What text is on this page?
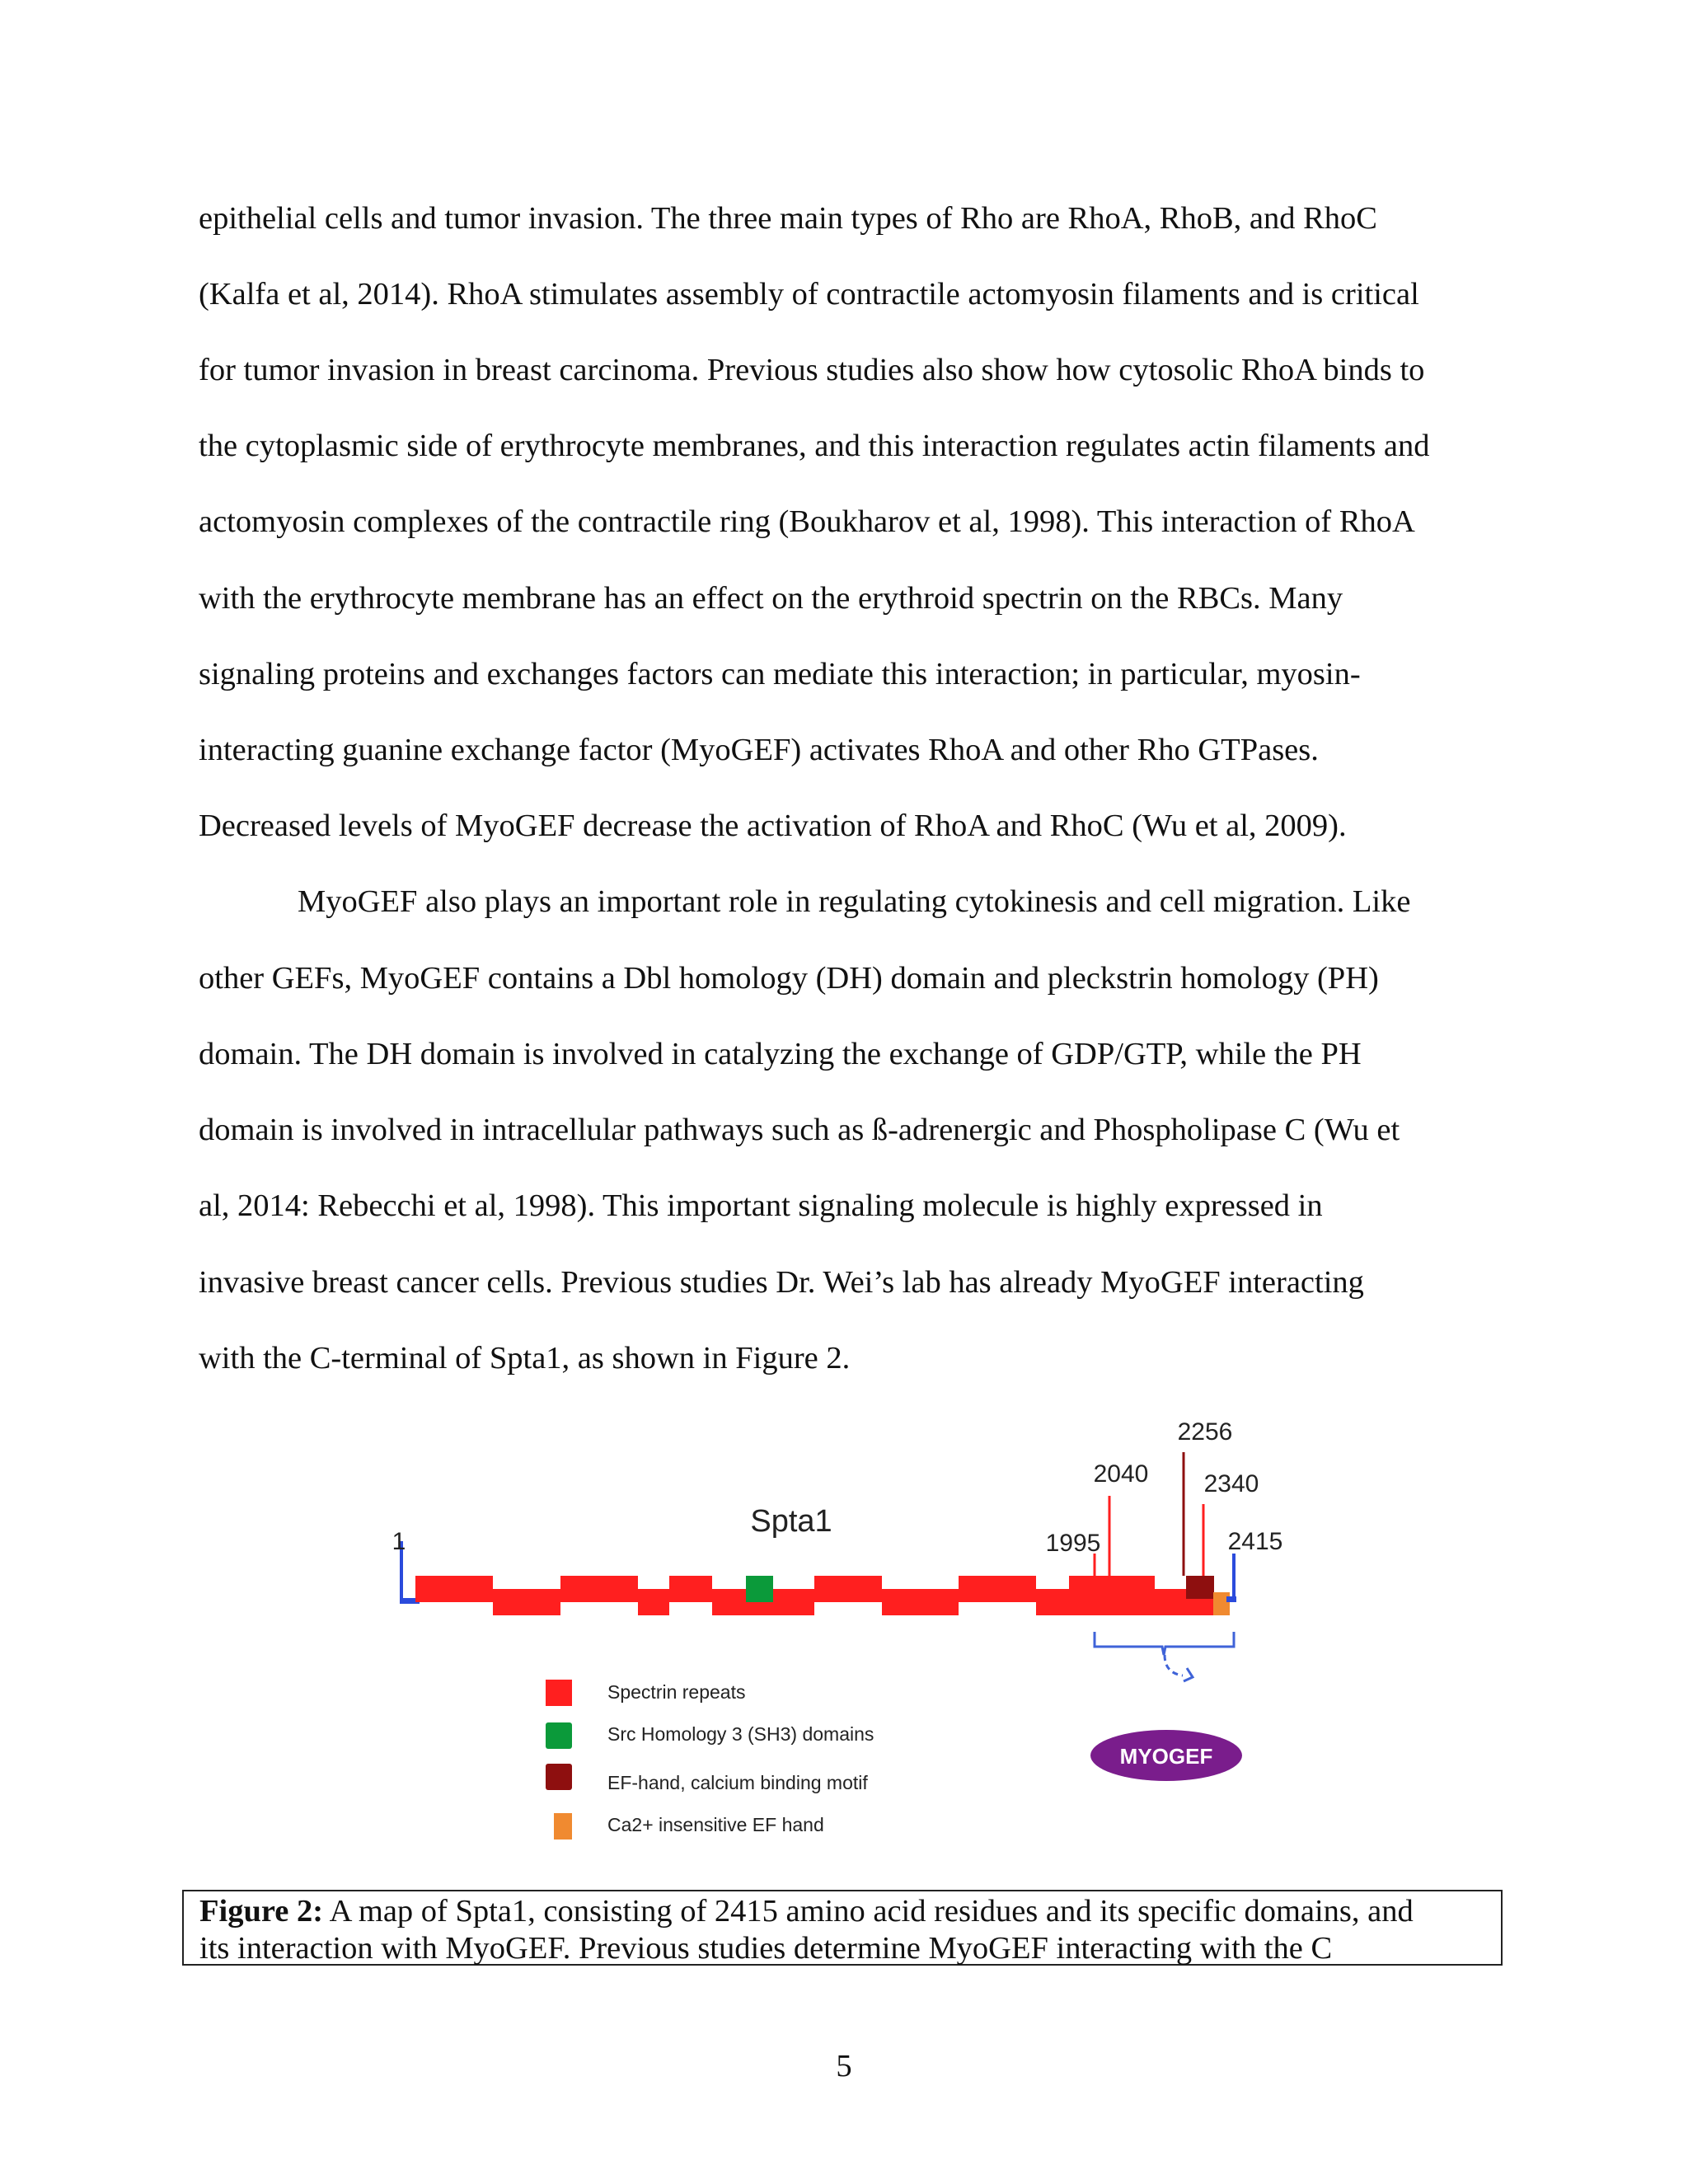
epithelial cells and tumor invasion. The three main types of Rho are RhoA, RhoB, and RhoC
(Kalfa et al, 2014). RhoA stimulates assembly of contractile actomyosin filaments and is critical
for tumor invasion in breast carcinoma. Previous studies also show how cytosolic RhoA binds to
the cytoplasmic side of erythrocyte membranes, and this interaction regulates actin filaments and
actomyosin complexes of the contractile ring (Boukharov et al, 1998). This interaction of RhoA
with the erythrocyte membrane has an effect on the erythroid spectrin on the RBCs. Many
signaling proteins and exchanges factors can mediate this interaction; in particular, myosin-
interacting guanine exchange factor (MyoGEF) activates RhoA and other Rho GTPases.
Decreased levels of MyoGEF decrease the activation of RhoA and RhoC (Wu et al, 2009).
MyoGEF also plays an important role in regulating cytokinesis and cell migration. Like
other GEFs, MyoGEF contains a Dbl homology (DH) domain and pleckstrin homology (PH)
domain. The DH domain is involved in catalyzing the exchange of GDP/GTP, while the PH
domain is involved in intracellular pathways such as ß-adrenergic and Phospholipase C (Wu et
al, 2014: Rebecchi et al, 1998). This important signaling molecule is highly expressed in
invasive breast cancer cells. Previous studies Dr. Wei’s lab has already MyoGEF interacting
with the C-terminal of Spta1, as shown in Figure 2.
Spta1
1	1995
2040
2256
2340
2415
MYOGEF
Spectrin repeats
Src Homology 3 (SH3) domains
EF-hand, calcium binding motif
Ca2+ insensitive EF hand
Figure 2: A map of Spta1, consisting of 2415 amino acid residues and its specific domains, and
its interaction with MyoGEF. Previous studies determine MyoGEF interacting with the C
5
